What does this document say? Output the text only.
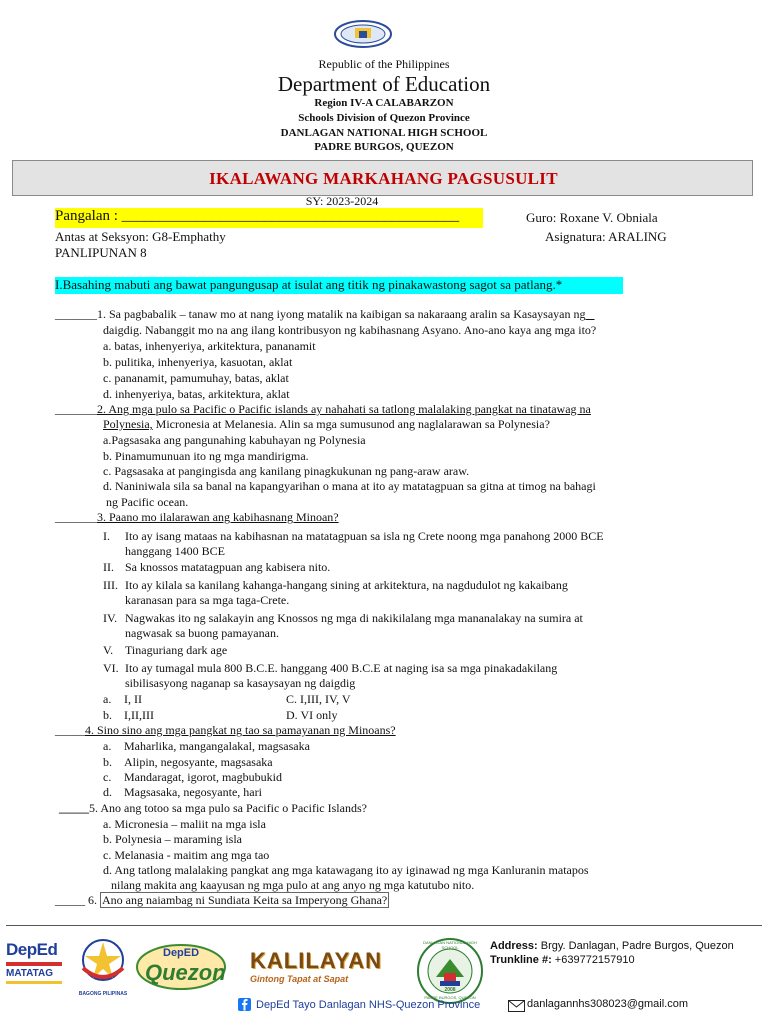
Republic of the Philippines
Department of Education
Region IV-A CALABARZON
Schools Division of Quezon Province
DANLAGAN NATIONAL HIGH SCHOOL
PADRE BURGOS, QUEZON
IKALAWANG MARKAHANG PAGSUSULIT
SY: 2023-2024
Pangalan : _____________________________________________	Guro: Roxane V. Obniala
Antas at Seksyon: G8-Emphathy	Asignatura: ARALING
PANLIPUNAN 8
I.Basahing mabuti ang bawat pangungusap at isulat ang titik ng pinakawastong sagot sa patlang.*
_______1. Sa pagbabalik – tanaw mo at nang iyong matalik na kaibigan sa nakaraang aralin sa Kasaysayan ng
daigdig. Nabanggit mo na ang ilang kontribusyon ng kabihasnang Asyano. Ano-ano kaya ang mga ito?
a. batas, inhenyeriya, arkitektura, pananamit
b. pulitika, inhenyeriya, kasuotan, aklat
c. pananamit, pamumuhay, batas, aklat
d. inhenyeriya, batas, arkitektura, aklat
_______2. Ang mga pulo sa Pacific o Pacific islands ay nahahati sa tatlong malalaking pangkat na tinatawag na
Polynesia, Micronesia at Melanesia. Alin sa mga sumusunod ang naglalarawan sa Polynesia?
a.Pagsasaka ang pangunahing kabuhayan ng Polynesia
b. Pinamumunuan ito ng mga mandirigma.
c. Pagsasaka at pangingisda ang kanilang pinagkukunan ng pang-araw araw.
d. Naniniwala sila sa banal na kapangyarihan o mana at ito ay matatagpuan sa gitna at timog na bahagi
ng Pacific ocean.
_______3. Paano mo ilalarawan ang kabihasnang Minoan?
I.	Ito ay isang mataas na kabihasnan na matatagpuan sa isla ng Crete noong mga panahong 2000 BCE
hanggang 1400 BCE
II. Sa knossos matatagpuan ang kabisera nito.
III. Ito ay kilala sa kanilang kahanga-hangang sining at arkitektura, na nagdudulot ng kakaibang
karanasan para sa mga taga-Crete.
IV. Nagwakas ito ng salakayin ang Knossos ng mga di nakikilalang mga mananalakay na sumira at
nagwasak sa buong pamayanan.
V. Tinaguriang dark age
VI. Ito ay tumagal mula 800 B.C.E. hanggang 400 B.C.E at naging isa sa mga pinakadakilang
sibilisasyong naganap sa kasaysayan ng daigdig
a. I, II	C. I,III, IV, V
b. I,II,III	D. VI only
_____4. Sino sino ang mga pangkat ng tao sa pamayanan ng Minoans?
a. Maharlika, mangangalakal, magsasaka
b. Alipin, negosyante, magsasaka
c. Mandaragat, igorot, magbubukid
d. Magsasaka, negosyante, hari
_____5. Ano ang totoo sa mga pulo sa Pacific o Pacific Islands?
a. Micronesia – maliit na mga isla
b. Polynesia – maraming isla
c. Melanasia - maitim ang mga tao
d. Ang tatlong malalaking pangkat ang mga katawagang ito ay iginawad ng mga Kanluranin matapos
nilang makita ang kaayusan ng mga pulo at ang anyo ng mga katutubo nito.
_____ 6. Ano ang naiambag ni Sundiata Keita sa Imperyong Ghana?
DepEd
MATATAG
BAGONG PILIPINAS
DepED
Quezon KALILAYAN
Gintong Tapat at Sapat
DANLAGAN NATIONAL HIGH SCHOOL
2008
PADRE BURGOS, QUEZON
Address: Brgy. Danlagan, Padre Burgos, Quezon
Trunkline #: +639772157910
DepEd Tayo Danlagan NHS-Quezon Province	danlagannhs308023@gmail.com
